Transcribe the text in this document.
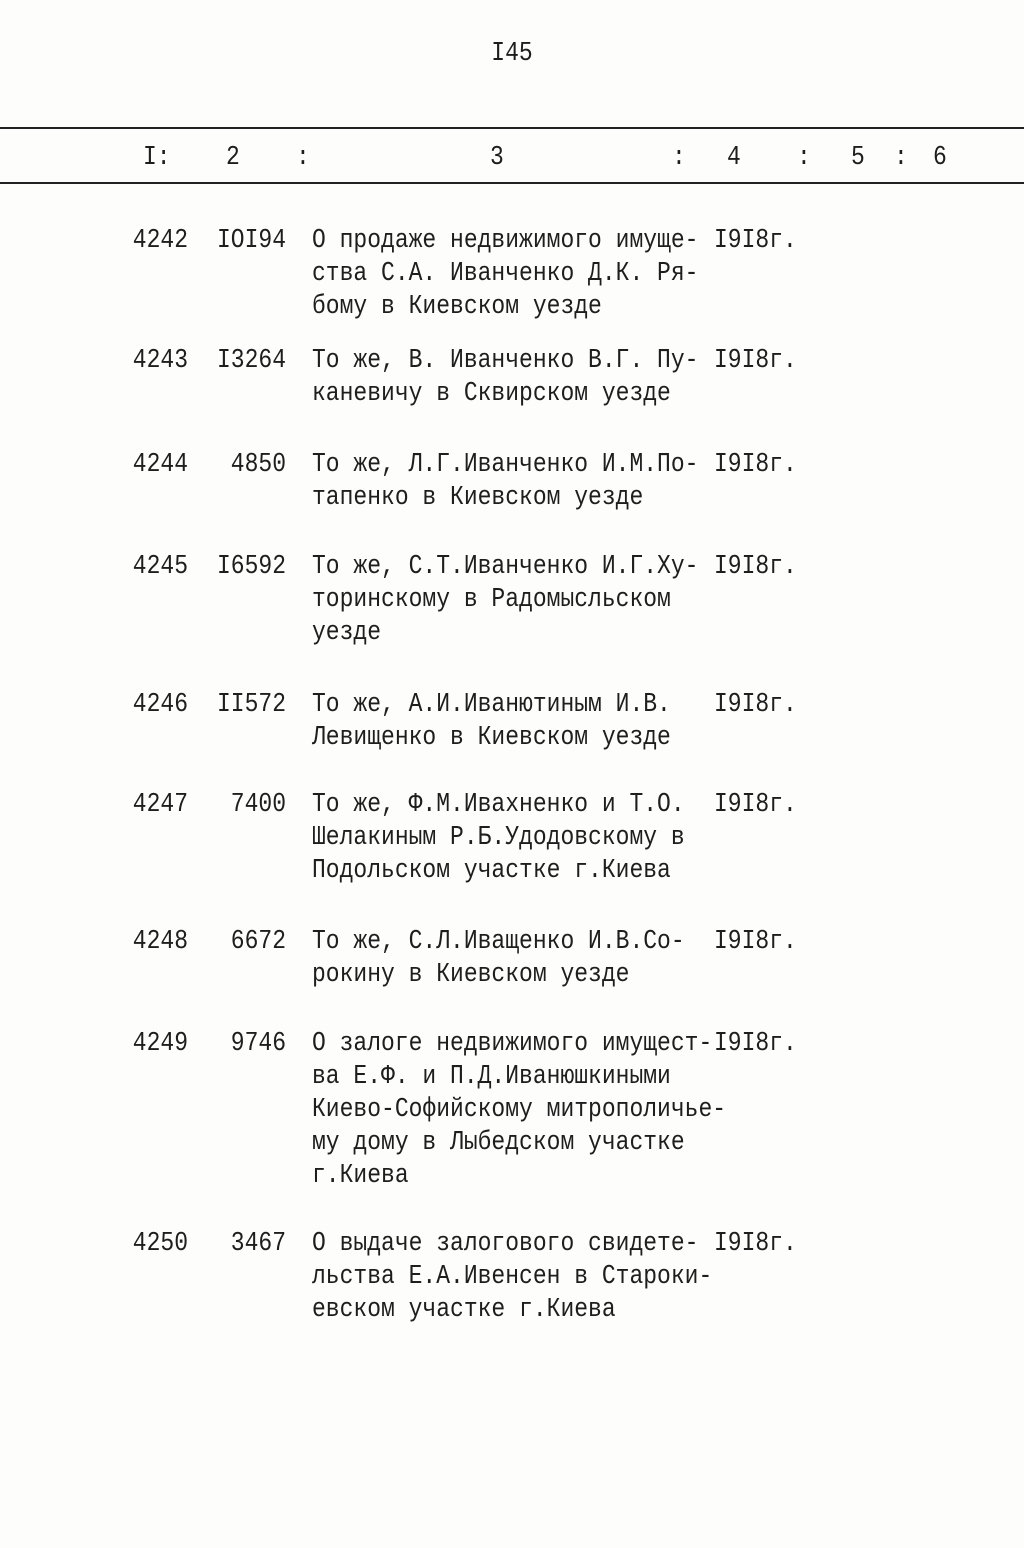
I45
I: 2 :	3	: 4 : 5 : 6
4242	IOI94 О продаже недвижимого имуще-
ства С.А. Иванченко Д.К. Ря-
бому в Киевском уезде
I9I8г.
4243	I3264 То же, В. Иванченко В.Г. Пу-
каневичу в Сквирском уезде
I9I8г.
4244	4850 То же, Л.Г.Иванченко И.М.По-
тапенко в Киевском уезде
I9I8г.
4245	I6592 То же, С.Т.Иванченко И.Г.Ху-
торинскому в Радомысльском
уезде
I9I8г.
4246	II572 То же, А.И.Иванютиным И.В.
Левищенко в Киевском уезде
I9I8г.
4247	7400 То же, Ф.М.Ивахненко и Т.О.
Шелакиным Р.Б.Удодовскому в
Подольском участке г.Киева
I9I8г.
4248	6672 То же, С.Л.Иващенко И.В.Со-
рокину в Киевском уезде
I9I8г.
4249	9746 О залоге недвижимого имущест-
ва Е.Ф. и П.Д.Иванюшкиными
Киево-Софийскому митрополичье-
му дому в Лыбедском участке
г.Киева
I9I8г.
4250	3467 О выдаче залогового свидете-
льства Е.А.Ивенсен в Староки-
евском участке г.Киева
I9I8г.
